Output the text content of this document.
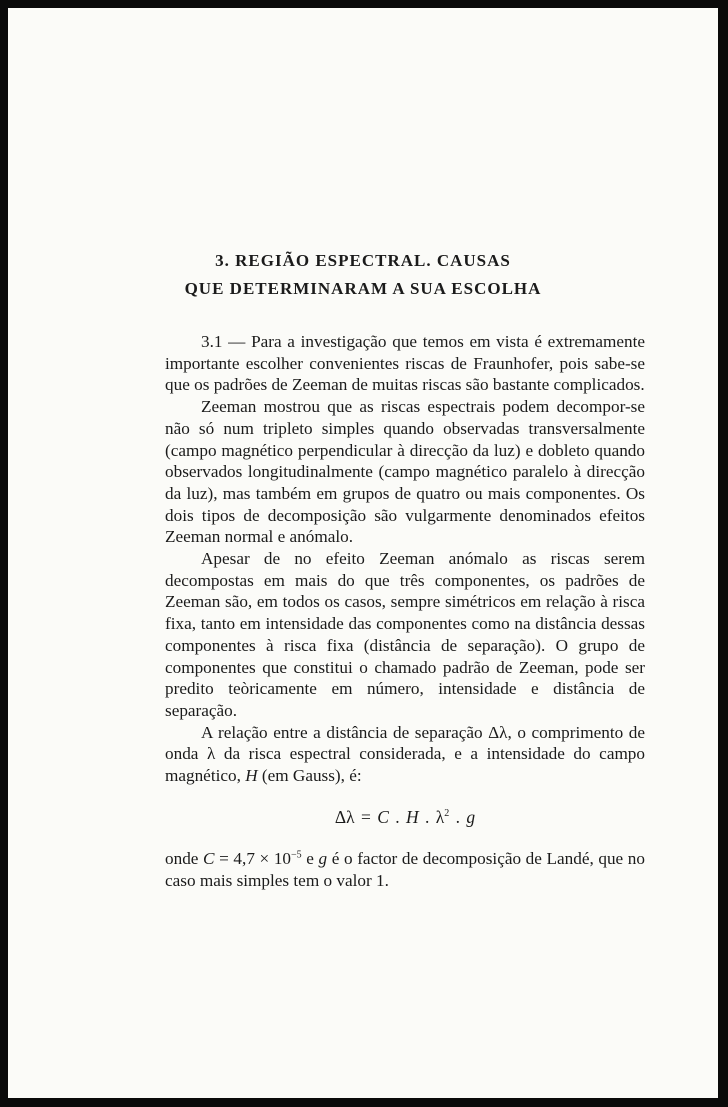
3. REGIÃO ESPECTRAL. CAUSAS
QUE DETERMINARAM A SUA ESCOLHA

3.1 — Para a investigação que temos em vista é extremamente importante escolher convenientes riscas de Fraunhofer, pois sabe-se que os padrões de Zeeman de muitas riscas são bastante complicados.

Zeeman mostrou que as riscas espectrais podem decompor-se não só num tripleto simples quando observadas transversalmente (campo magnético perpendicular à direcção da luz) e dobleto quando observados longitudinalmente (campo magnético paralelo à direcção da luz), mas também em grupos de quatro ou mais componentes. Os dois tipos de decomposição são vulgarmente denominados efeitos Zeeman normal e anómalo.

Apesar de no efeito Zeeman anómalo as riscas serem decompostas em mais do que três componentes, os padrões de Zeeman são, em todos os casos, sempre simétricos em relação à risca fixa, tanto em intensidade das componentes como na distância dessas componentes à risca fixa (distância de separação). O grupo de componentes que constitui o chamado padrão de Zeeman, pode ser predito teòricamente em número, intensidade e distância de separação.

A relação entre a distância de separação Δλ, o comprimento de onda λ da risca espectral considerada, e a intensidade do campo magnético, H (em Gauss), é:

Δλ = C . H . $\lambda^2$ . g

onde $C = 4,7 \times 10^{-5}$ e g é o factor de decomposição de Landé, que no caso mais simples tem o valor 1.
